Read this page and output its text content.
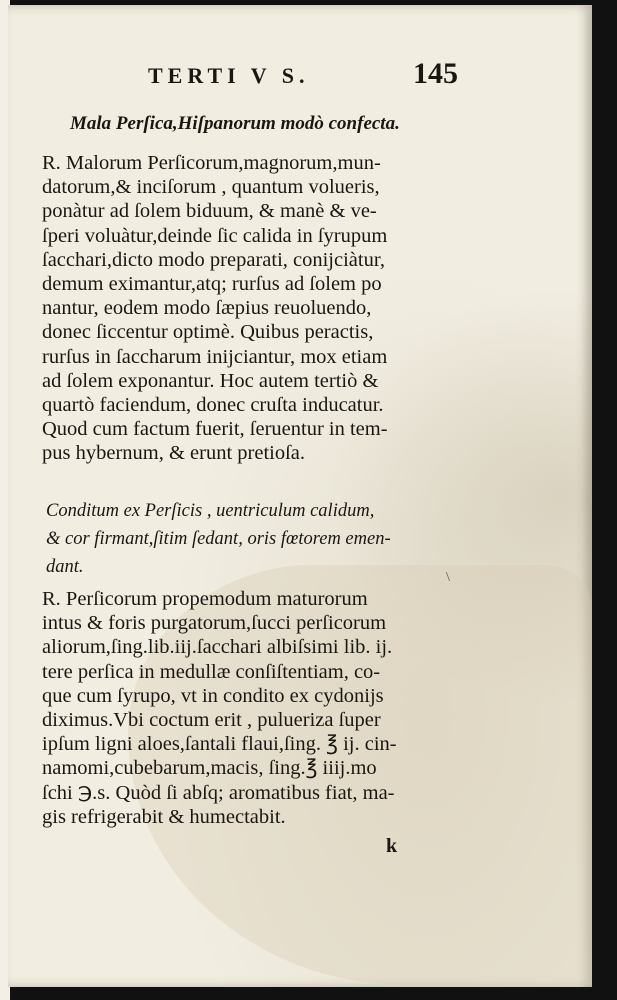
TERTI V S.	145
Mala Perſica,Hiſpanorum modò confecta.
R. Malorum Perſicorum,magnorum,mun-
datorum,& inciſorum , quantum volueris,
ponàtur ad ſolem biduum, & manè & ve-
ſperi voluàtur,deinde ſic calida in ſyrupum
ſacchari,dicto modo preparati, conijciàtur,
demum eximantur,atq; rurſus ad ſolem po
nantur, eodem modo ſæpius reuoluendo,
donec ſiccentur optimè. Quibus peractis,
rurſus in ſaccharum inijciantur, mox etiam
ad ſolem exponantur. Hoc autem tertiò &
quartò faciendum, donec cruſta inducatur.
Quod cum factum fuerit, ſeruentur in tem-
pus hybernum, & erunt pretioſa.
Conditum ex Perſicis , uentriculum calidum,
& cor firmant,ſitim ſedant, oris fœtorem emen-
dant.
\
R. Perſicorum propemodum maturorum
intus & foris purgatorum,ſucci perſicorum
aliorum,ſing.lib.iij.ſacchari albiſsimi lib. ij.
tere perſica in medullæ conſiſtentiam, co-
que cum ſyrupo, vt in condito ex cydonijs
diximus.Vbi coctum erit , pulueriza ſuper
ipſum ligni aloes,ſantali flaui,ſing. ℥ ij. cin-
namomi,cubebarum,macis, ſing.℥ iiij.mo
ſchi ℈.s. Quòd ſi abſq; aromatibus fiat, ma-
gis refrigerabit & humectabit.
k
